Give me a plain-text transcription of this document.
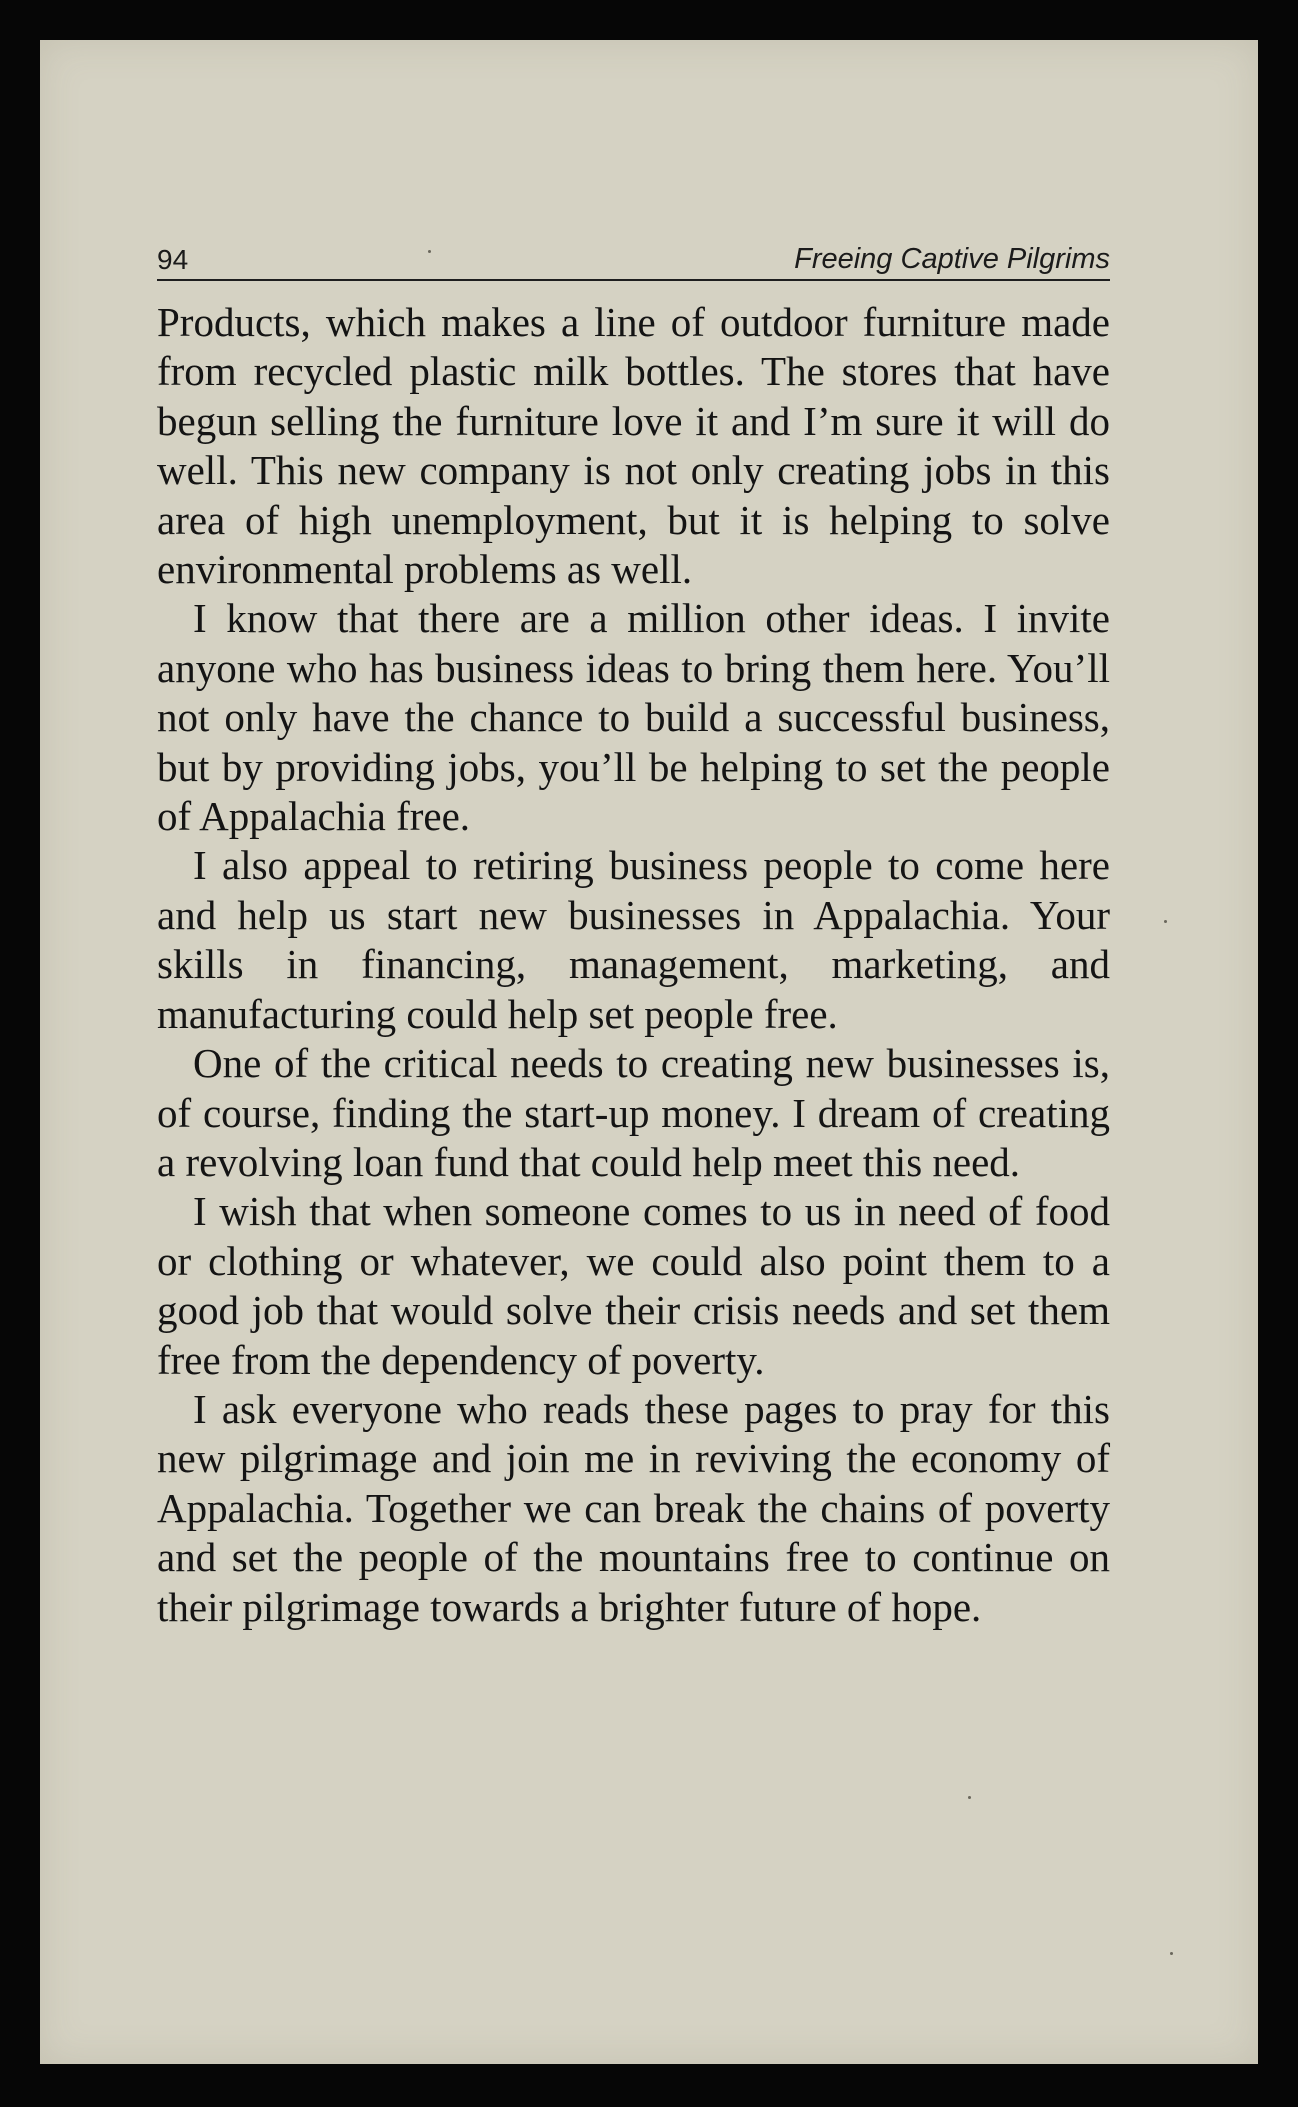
94	Freeing Captive Pilgrims

Products, which makes a line of outdoor furniture made from recycled plastic milk bottles. The stores that have begun selling the furniture love it and I’m sure it will do well. This new company is not only creating jobs in this area of high unemployment, but it is helping to solve environmental problems as well.

I know that there are a million other ideas. I invite anyone who has business ideas to bring them here. You’ll not only have the chance to build a successful business, but by providing jobs, you’ll be helping to set the people of Appalachia free.

I also appeal to retiring business people to come here and help us start new businesses in Appalachia. Your skills in financing, management, marketing, and manufacturing could help set people free.

One of the critical needs to creating new businesses is, of course, finding the start-up money. I dream of creating a revolving loan fund that could help meet this need.

I wish that when someone comes to us in need of food or clothing or whatever, we could also point them to a good job that would solve their crisis needs and set them free from the dependency of poverty.

I ask everyone who reads these pages to pray for this new pilgrimage and join me in reviving the economy of Appalachia. Together we can break the chains of poverty and set the people of the mountains free to continue on their pilgrimage towards a brighter future of hope.
